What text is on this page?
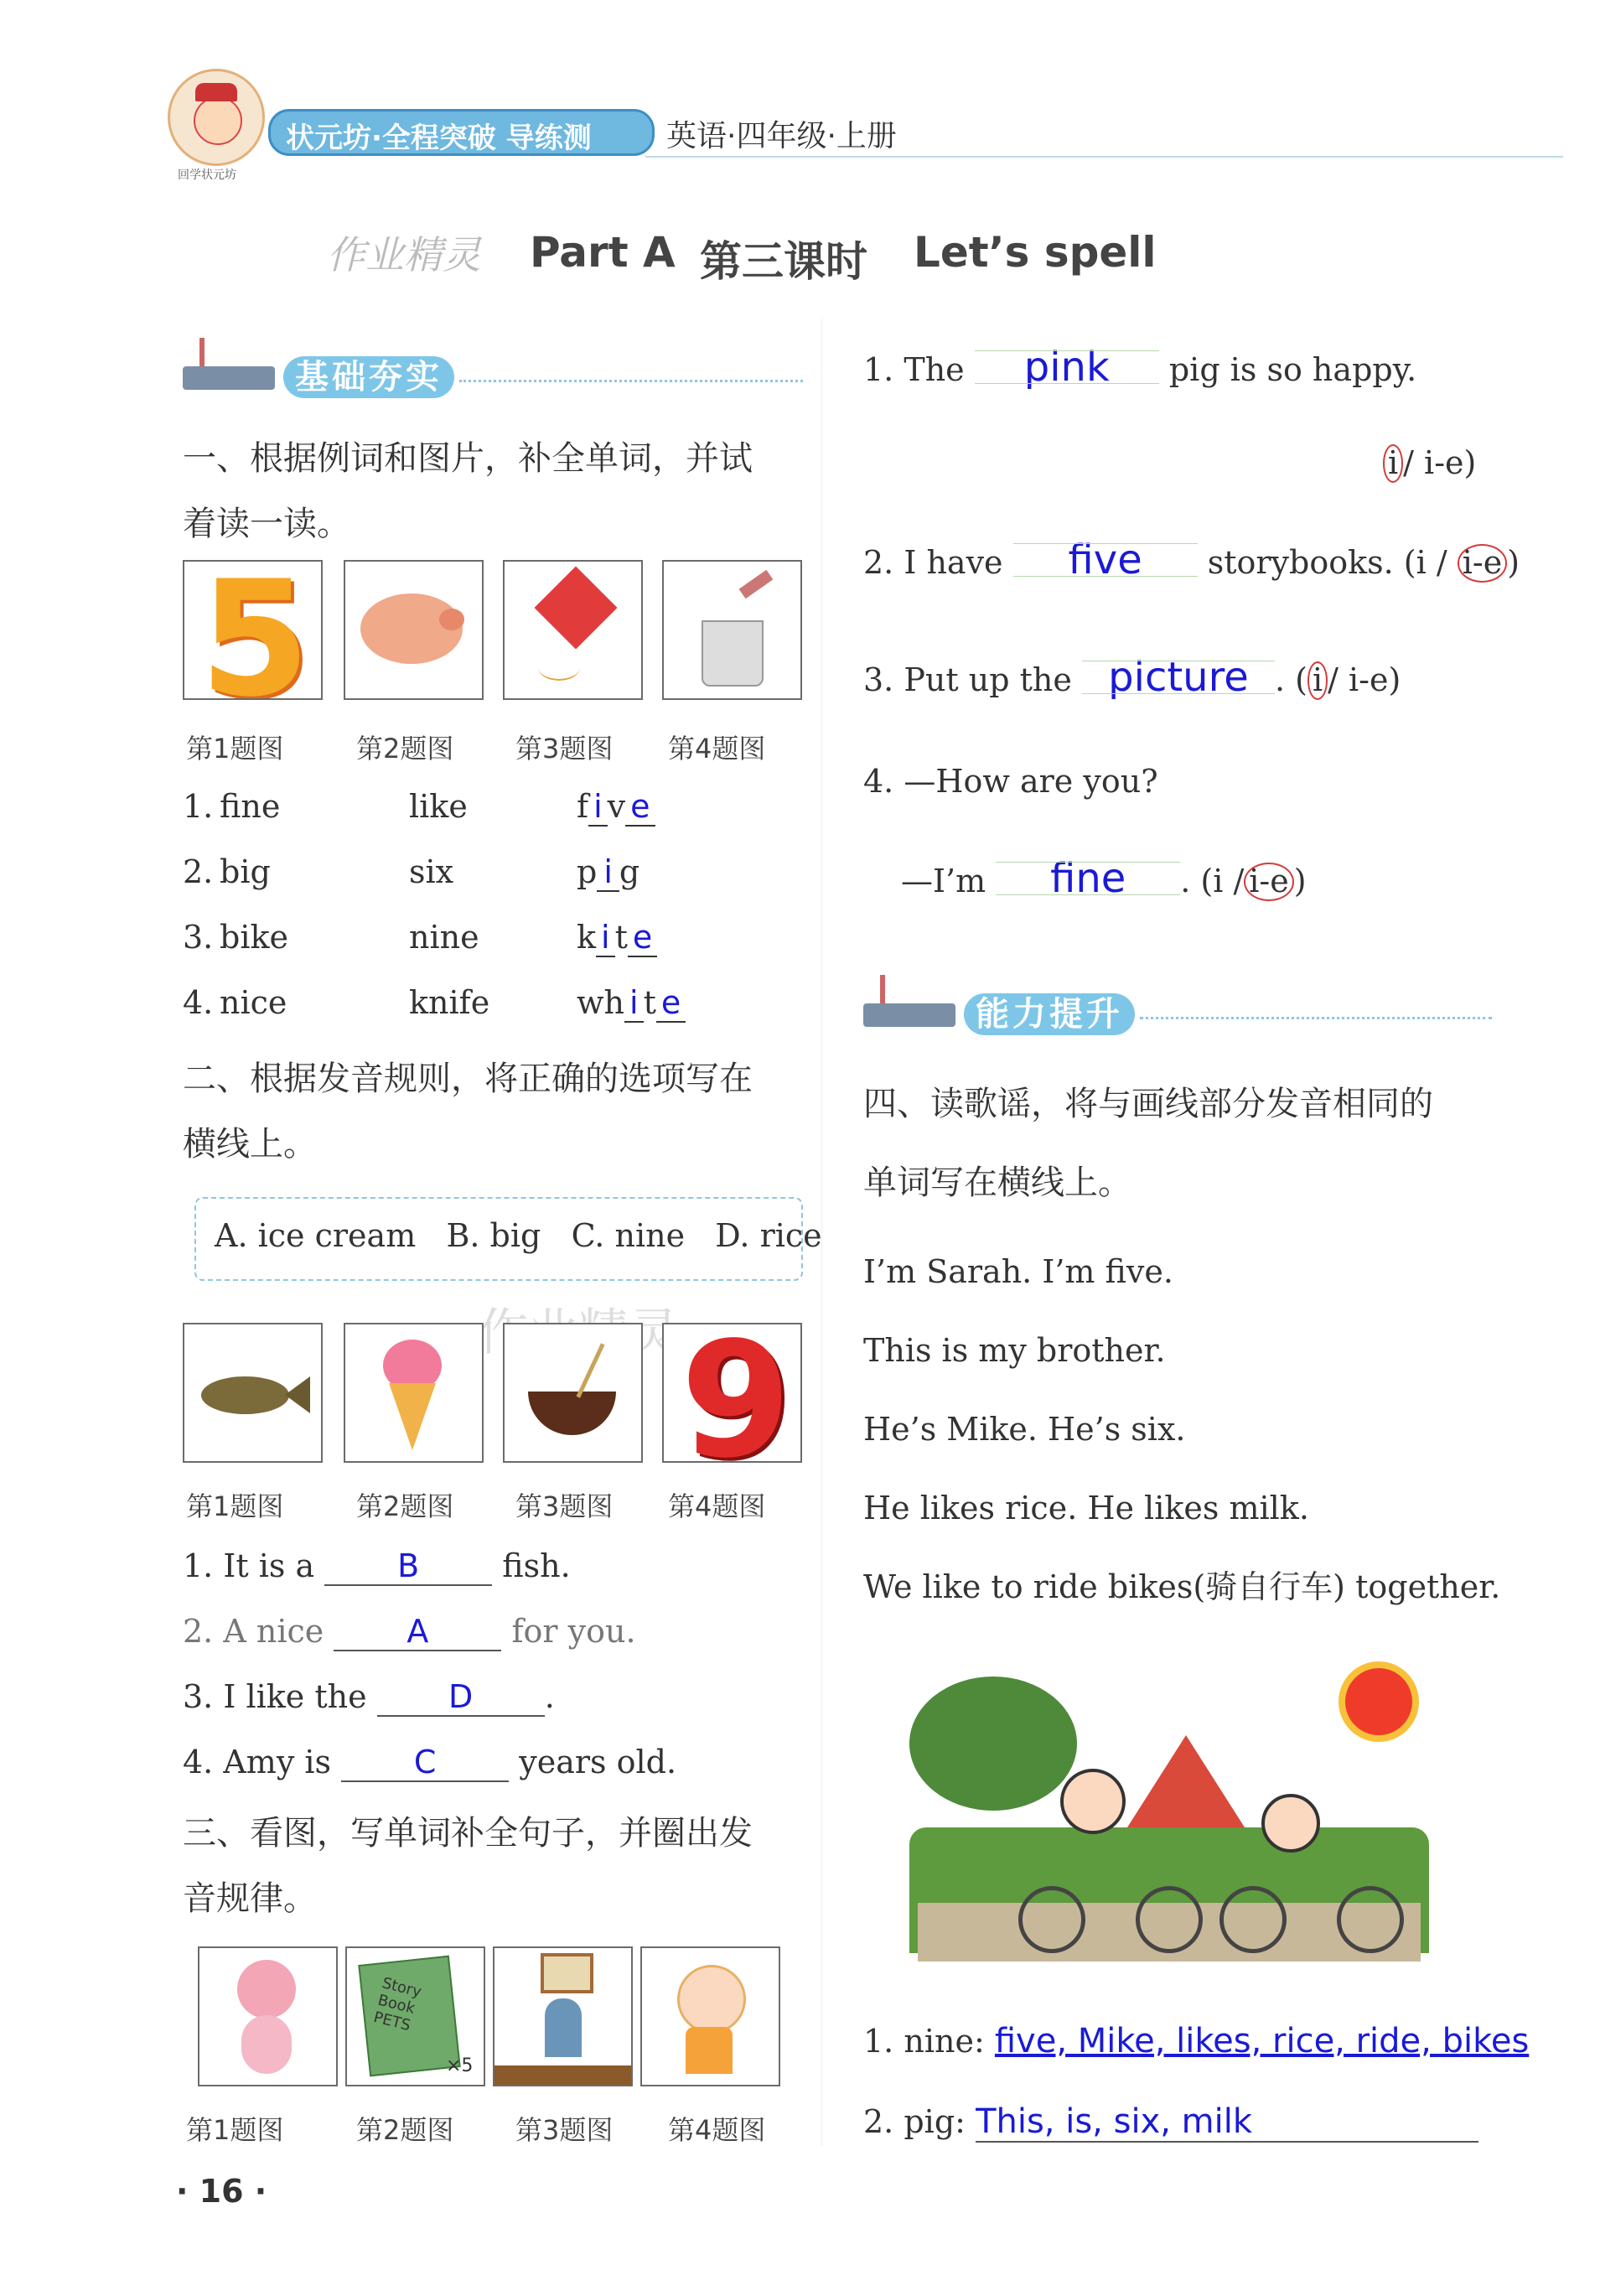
回学状元坊
状元坊·全程突破 导练测 英语·四年级·上册
作业精灵 Part A 第三课时 Let’s spell
基础夯实
一、根据例词和图片，补全单词，并试
着读一读。
5
第1题图	第2题图 第3题图 第4题图
1. fine	like	f i v e
2. big	six	p i g
3. bike	nine	k i t e
4. nice	knife	wh i t e
二、根据发音规则，将正确的选项写在
横线上。
A. ice cream   B. big   C. nine   D. rice
9
第1题图	第2题图 第3题图 第4题图
1. It is a	B	fish.
2. A nice	A	for you.
3. I like the	D .
4. Amy is	C	years old.
三、看图，写单词补全句子，并圈出发
音规律。
Story Book PETS
×5
第1题图	第2题图 第3题图 第4题图
· 16 ·
1. The pink pig is so happy.
i / i-e)
2. I have five storybooks. (i / i-e )
3. Put up the picture . ( i / i-e)
4. —How are you?
—I’m fine . (i / i-e )
能力提升
四、读歌谣，将与画线部分发音相同的
单词写在横线上。
I’m Sarah. I’m five.
This is my brother.
He’s Mike. He’s six.
He likes rice. He likes milk.
We like to ride bikes(骑自行车) together.
1. nine: five, Mike, likes, rice, ride, bikes
2. pig: This, is, six, milk
